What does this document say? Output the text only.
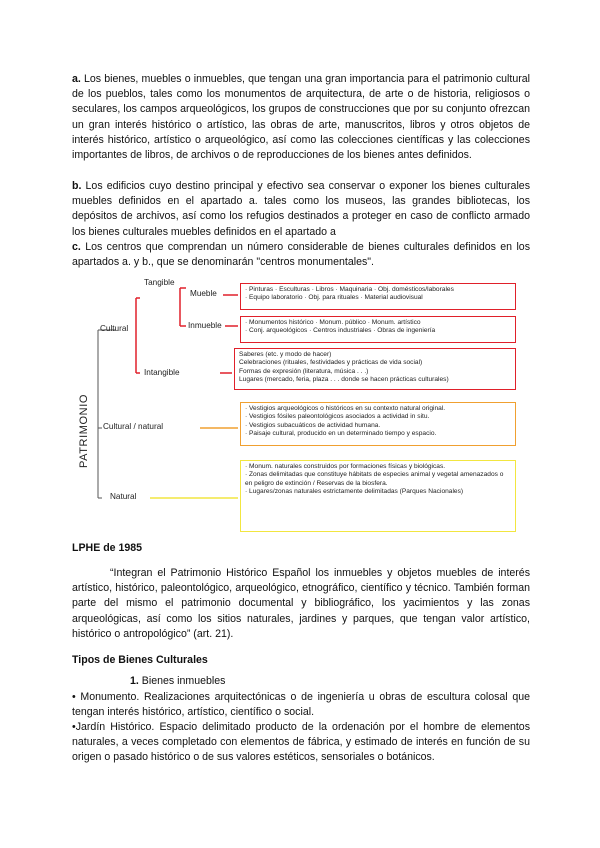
a. Los bienes, muebles o inmuebles, que tengan una gran importancia para el patrimonio cultural de los pueblos, tales como los monumentos de arquitectura, de arte o de historia, religiosos o seculares, los campos arqueológicos, los grupos de construcciones que por su conjunto ofrezcan un gran interés histórico o artístico, las obras de arte, manuscritos, libros y otros objetos de interés histórico, artístico o arqueológico, así como las colecciones científicas y las colecciones importantes de libros, de archivos o de reproducciones de los bienes antes definidos.

b. Los edificios cuyo destino principal y efectivo sea conservar o exponer los bienes culturales muebles definidos en el apartado a. tales como los museos, las grandes bibliotecas, los depósitos de archivos, así como los refugios destinados a proteger en caso de conflicto armado los bienes culturales muebles definidos en el apartado a

c. Los centros que comprendan un número considerable de bienes culturales definidos en los apartados a. y b., que se denominarán "centros monumentales".

PATRIMONIO
Cultural
Tangible
Mueble
Inmueble
Intangible
Cultural / natural
Natural
· Pinturas · Esculturas · Libros · Maquinaria · Obj. domésticos/laborales
· Equipo laboratorio · Obj. para rituales · Material audiovisual
· Monumentos histórico · Monum. público · Monum. artístico
· Conj. arqueológicos · Centros industriales · Obras de ingeniería
Saberes (etc. y modo de hacer)
Celebraciones (rituales, festividades y prácticas de vida social)
Formas de expresión (literatura, música . . .)
Lugares (mercado, feria, plaza . . . donde se hacen prácticas culturales)
· Vestigios arqueológicos o históricos en su contexto natural original.
· Vestigios fósiles paleontológicos asociados a actividad in situ.
· Vestigios subacuáticos de actividad humana.
· Paisaje cultural, producido en un determinado tiempo y espacio.
· Monum. naturales construidos por formaciones físicas y biológicas.
· Zonas delimitadas que constituye hábitats de especies animal y vegetal amenazados o en peligro de extinción / Reservas de la biosfera.
· Lugares/zonas naturales estrictamente delimitadas (Parques Nacionales)
LPHE de 1985

“Integran el Patrimonio Histórico Español los inmuebles y objetos muebles de interés artístico, histórico, paleontológico, arqueológico, etnográfico, científico y técnico. También forman parte del mismo el patrimonio documental y bibliográfico, los yacimientos y las zonas arqueológicas, así como los sitios naturales, jardines y parques, que tengan valor artístico, histórico o antropológico” (art. 21).

Tipos de Bienes Culturales
1. Bienes inmuebles

• Monumento. Realizaciones arquitectónicas o de ingeniería u obras de escultura colosal que tengan interés histórico, artístico, científico o social.

•Jardín Histórico. Espacio delimitado producto de la ordenación por el hombre de elementos naturales, a veces completado con elementos de fábrica, y estimado de interés en función de su origen o pasado histórico o de sus valores estéticos, sensoriales o botánicos.
